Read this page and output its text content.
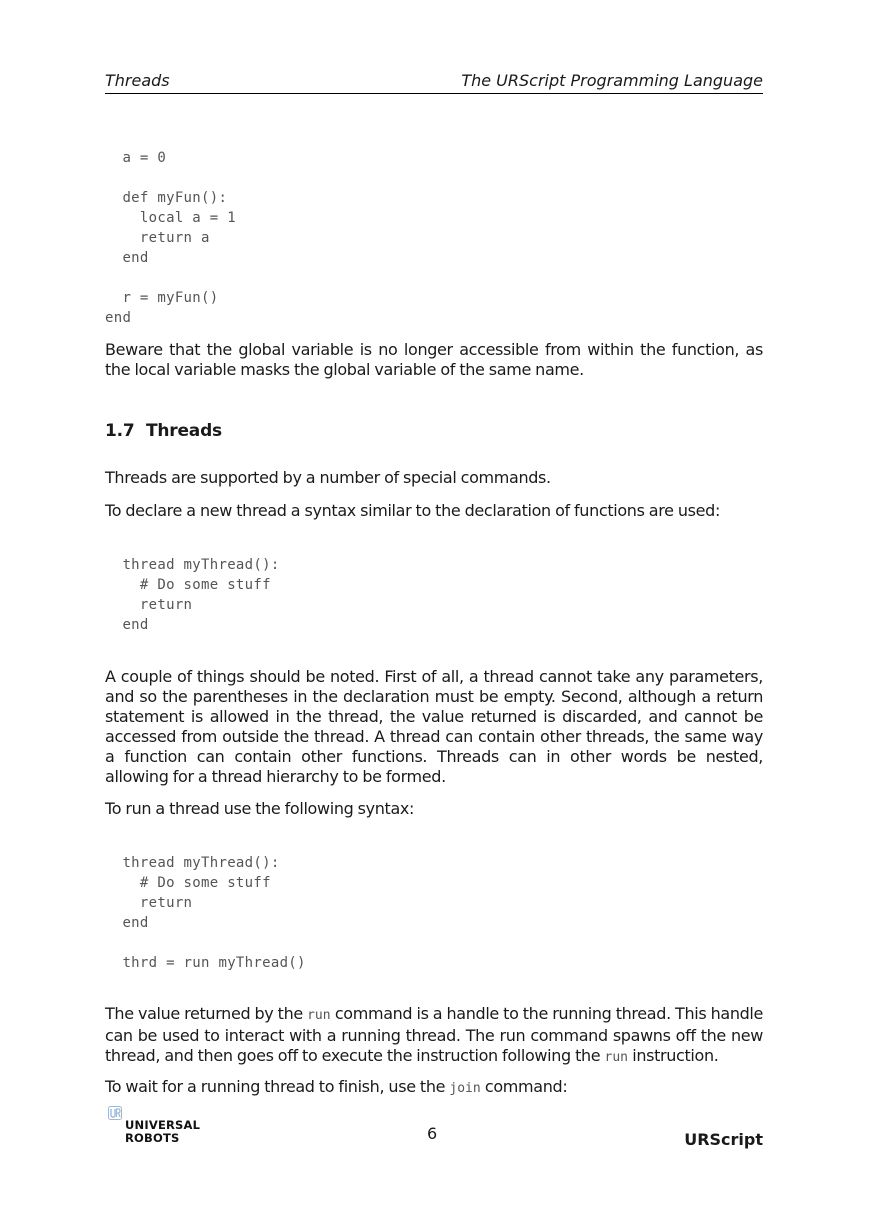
Threads	The URScript Programming Language
a = 0

def myFun():
local a = 1
return a
end

r = myFun()
end

Beware that the global variable is no longer accessible from within the function, as the local variable masks the global variable of the same name.

1.7 Threads

Threads are supported by a number of special commands.

To declare a new thread a syntax similar to the declaration of functions are used:

thread myThread():
# Do some stuff
return
end

A couple of things should be noted. First of all, a thread cannot take any parameters, and so the parentheses in the declaration must be empty. Second, although a return statement is allowed in the thread, the value returned is discarded, and cannot be accessed from outside the thread. A thread can contain other threads, the same way a function can contain other functions. Threads can in other words be nested, allowing for a thread hierarchy to be formed.

To run a thread use the following syntax:

thread myThread():
# Do some stuff
return
end

thrd = run myThread()

The value returned by the run command is a handle to the running thread. This handle can be used to interact with a running thread. The run command spawns off the new thread, and then goes off to execute the instruction following the run instruction.

To wait for a running thread to finish, use the join command:

UNIVERSAL
ROBOTS	6	URScript
